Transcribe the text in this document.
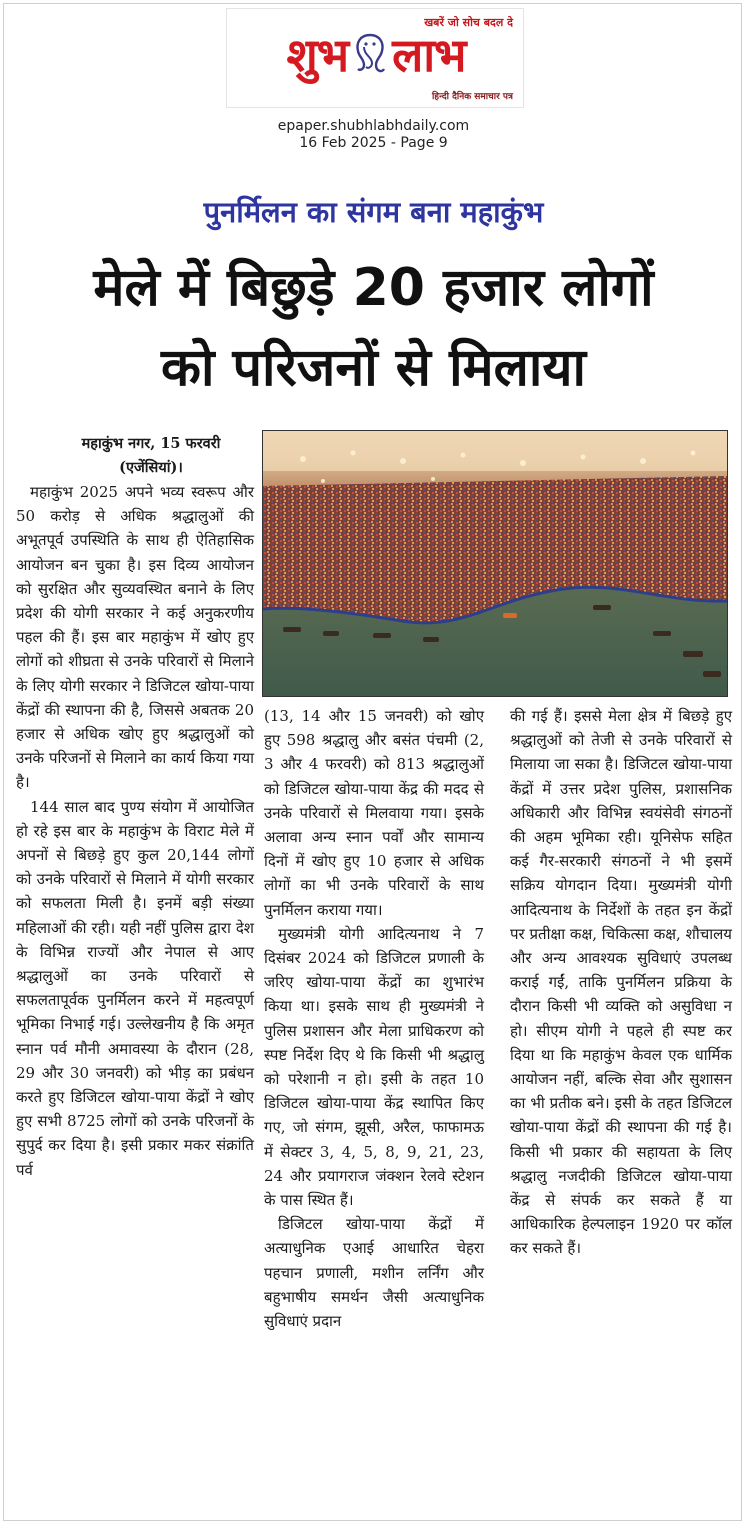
खबरें जो सोच बदल दे
शुभ लाभ
हिन्दी दैनिक समाचार पत्र
epaper.shubhlabhdaily.com
16 Feb 2025 - Page 9
पुनर्मिलन का संगम बना महाकुंभ
मेले में बिछुड़े 20 हजार लोगों
को परिजनों से मिलाया
महाकुंभ नगर, 15 फरवरी
(एजेंसियां)।

महाकुंभ 2025 अपने भव्य स्वरूप और 50 करोड़ से अधिक श्रद्धालुओं की अभूतपूर्व उपस्थिति के साथ ही ऐतिहासिक आयोजन बन चुका है। इस दिव्य आयोजन को सुरक्षित और सुव्यवस्थित बनाने के लिए प्रदेश की योगी सरकार ने कई अनुकरणीय पहल की हैं। इस बार महाकुंभ में खोए हुए लोगों को शीघ्रता से उनके परिवारों से मिलाने के लिए योगी सरकार ने डिजिटल खोया-पाया केंद्रों की स्थापना की है, जिससे अबतक 20 हजार से अधिक खोए हुए श्रद्धालुओं को उनके परिजनों से मिलाने का कार्य किया गया है।

144 साल बाद पुण्य संयोग में आयोजित हो रहे इस बार के महाकुंभ के विराट मेले में अपनों से बिछड़े हुए कुल 20,144 लोगों को उनके परिवारों से मिलाने में योगी सरकार को सफलता मिली है। इनमें बड़ी संख्या महिलाओं की रही। यही नहीं पुलिस द्वारा देश के विभिन्न राज्यों और नेपाल से आए श्रद्धालुओं का उनके परिवारों से सफलतापूर्वक पुनर्मिलन करने में महत्वपूर्ण भूमिका निभाई गई। उल्लेखनीय है कि अमृत स्नान पर्व मौनी अमावस्या के दौरान (28, 29 और 30 जनवरी) को भीड़ का प्रबंधन करते हुए डिजिटल खोया-पाया केंद्रों ने खोए हुए सभी 8725 लोगों को उनके परिजनों के सुपुर्द कर दिया है। इसी प्रकार मकर संक्रांति पर्व

(13, 14 और 15 जनवरी) को खोए हुए 598 श्रद्धालु और बसंत पंचमी (2, 3 और 4 फरवरी) को 813 श्रद्धालुओं को डिजिटल खोया-पाया केंद्र की मदद से उनके परिवारों से मिलवाया गया। इसके अलावा अन्य स्नान पर्वों और सामान्य दिनों में खोए हुए 10 हजार से अधिक लोगों का भी उनके परिवारों के साथ पुनर्मिलन कराया गया।

मुख्यमंत्री योगी आदित्यनाथ ने 7 दिसंबर 2024 को डिजिटल प्रणाली के जरिए खोया-पाया केंद्रों का शुभारंभ किया था। इसके साथ ही मुख्यमंत्री ने पुलिस प्रशासन और मेला प्राधिकरण को स्पष्ट निर्देश दिए थे कि किसी भी श्रद्धालु को परेशानी न हो। इसी के तहत 10 डिजिटल खोया-पाया केंद्र स्थापित किए गए, जो संगम, झूसी, अरैल, फाफामऊ में सेक्टर 3, 4, 5, 8, 9, 21, 23, 24 और प्रयागराज जंक्शन रेलवे स्टेशन के पास स्थित हैं।

डिजिटल खोया-पाया केंद्रों में अत्याधुनिक एआई आधारित चेहरा पहचान प्रणाली, मशीन लर्निंग और बहुभाषीय समर्थन जैसी अत्याधुनिक सुविधाएं प्रदान

की गई हैं। इससे मेला क्षेत्र में बिछड़े हुए श्रद्धालुओं को तेजी से उनके परिवारों से मिलाया जा सका है। डिजिटल खोया-पाया केंद्रों में उत्तर प्रदेश पुलिस, प्रशासनिक अधिकारी और विभिन्न स्वयंसेवी संगठनों की अहम भूमिका रही। यूनिसेफ सहित कई गैर-सरकारी संगठनों ने भी इसमें सक्रिय योगदान दिया। मुख्यमंत्री योगी आदित्यनाथ के निर्देशों के तहत इन केंद्रों पर प्रतीक्षा कक्ष, चिकित्सा कक्ष, शौचालय और अन्य आवश्यक सुविधाएं उपलब्ध कराई गईं, ताकि पुनर्मिलन प्रक्रिया के दौरान किसी भी व्यक्ति को असुविधा न हो। सीएम योगी ने पहले ही स्पष्ट कर दिया था कि महाकुंभ केवल एक धार्मिक आयोजन नहीं, बल्कि सेवा और सुशासन का भी प्रतीक बने। इसी के तहत डिजिटल खोया-पाया केंद्रों की स्थापना की गई है। किसी भी प्रकार की सहायता के लिए श्रद्धालु नजदीकी डिजिटल खोया-पाया केंद्र से संपर्क कर सकते हैं या आधिकारिक हेल्पलाइन 1920 पर कॉल कर सकते हैं।
